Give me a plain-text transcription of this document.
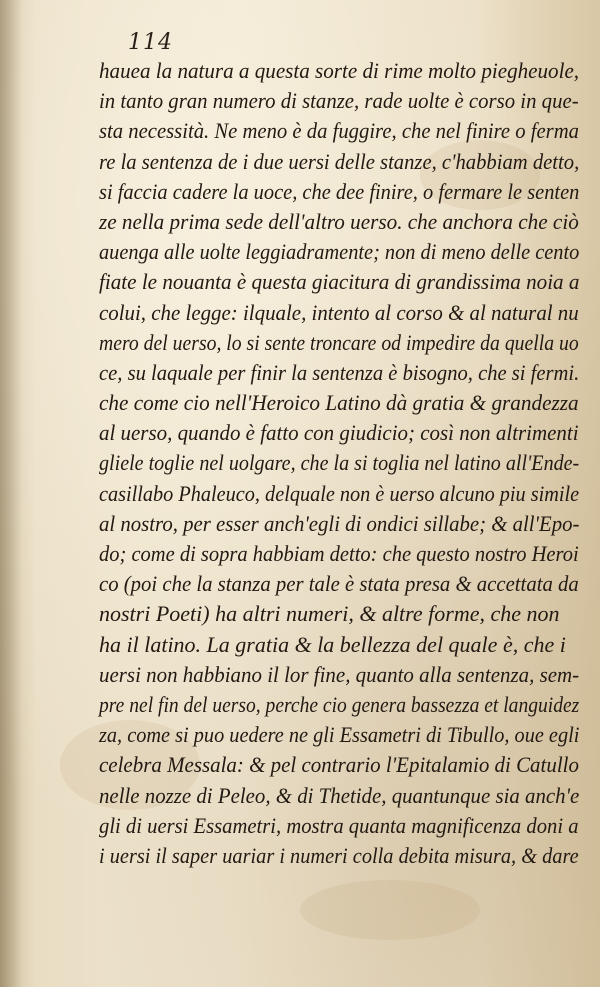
114
hauea la natura a questa sorte di rime molto piegheuole,
in tanto gran numero di stanze, rade uolte è corso in que-
sta necessità. Ne meno è da fuggire, che nel finire o ferma
re la sentenza de i due uersi delle stanze, c'habbiam detto,
si faccia cadere la uoce, che dee finire, o fermare le senten
ze nella prima sede dell'altro uerso. che anchora che ciò
auenga alle uolte leggiadramente; non di meno delle cento
fiate le nouanta è questa giacitura di grandissima noia a
colui, che legge: ilquale, intento al corso & al natural nu
mero del uerso, lo si sente troncare od impedire da quella uo
ce, su laquale per finir la sentenza è bisogno, che si fermi.
che come cio nell'Heroico Latino dà gratia & grandezza
al uerso, quando è fatto con giudicio; così non altrimenti
gliele toglie nel uolgare, che la si toglia nel latino all'Ende-
casillabo Phaleuco, delquale non è uerso alcuno piu simile
al nostro, per esser anch'egli di ondici sillabe; & all'Epo-
do; come di sopra habbiam detto: che questo nostro Heroi
co (poi che la stanza per tale è stata presa & accettata da
nostri Poeti) ha altri numeri, & altre forme, che non
ha il latino. La gratia & la bellezza del quale è, che i
uersi non habbiano il lor fine, quanto alla sentenza, sem-
pre nel fin del uerso, perche cio genera bassezza et languidez
za, come si puo uedere ne gli Essametri di Tibullo, oue egli
celebra Messala: & pel contrario l'Epitalamio di Catullo
nelle nozze di Peleo, & di Thetide, quantunque sia anch'e
gli di uersi Essametri, mostra quanta magnificenza doni a
i uersi il saper uariar i numeri colla debita misura, & dare
